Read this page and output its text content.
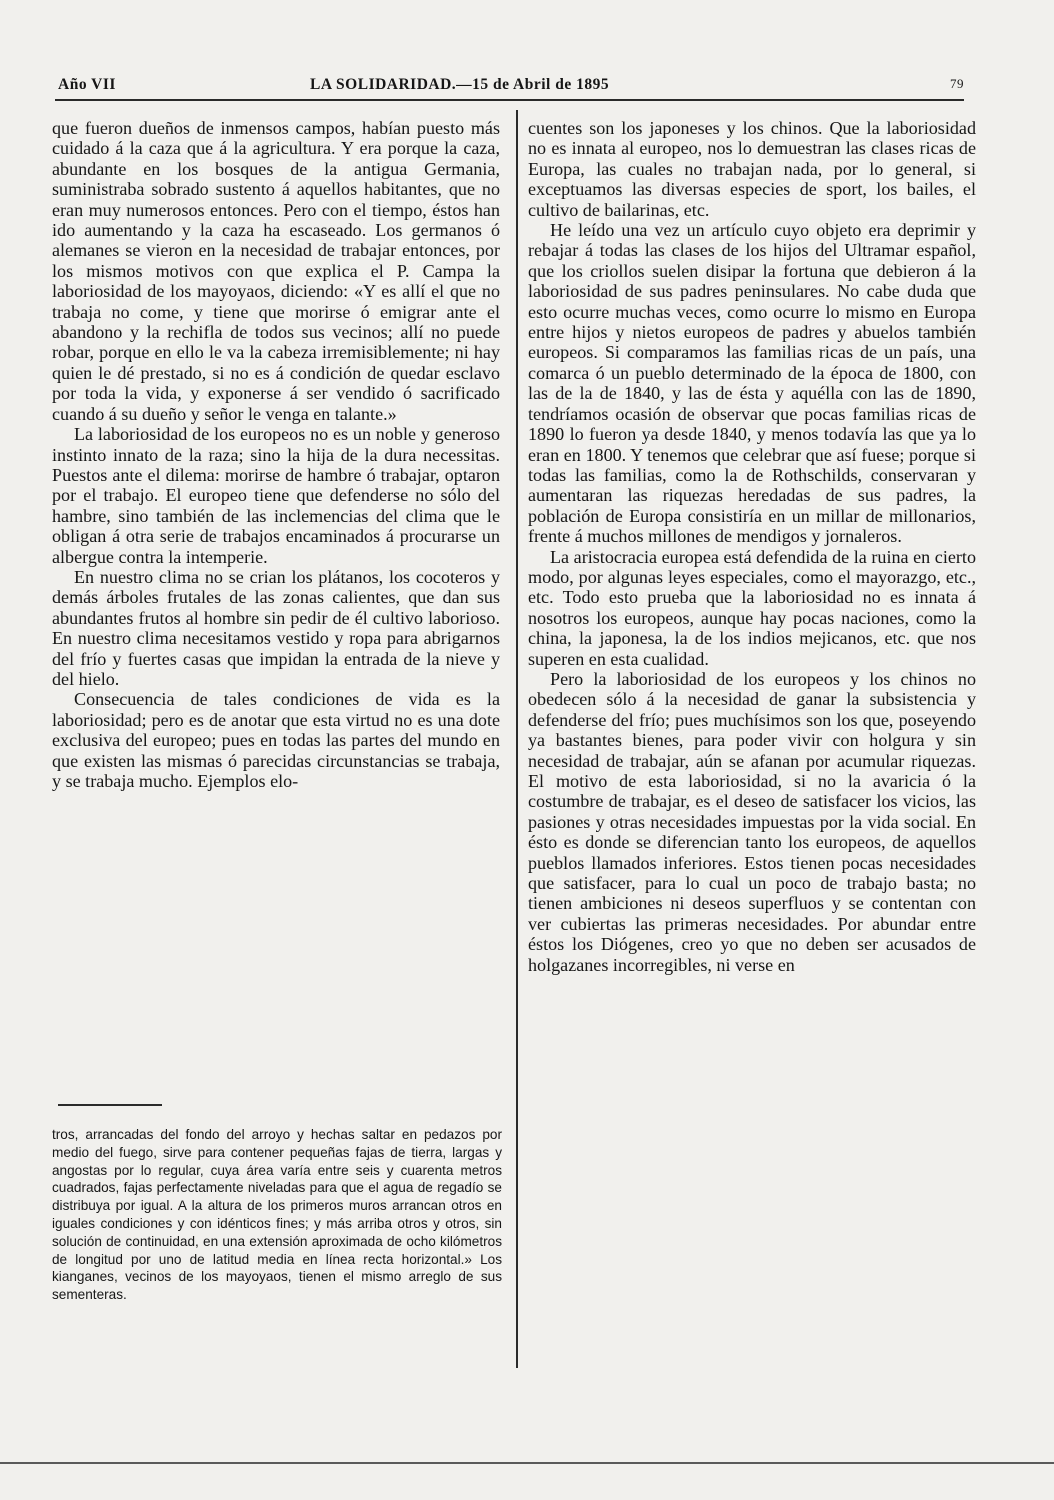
Año VII	LA SOLIDARIDAD.—15 de Abril de 1895	79

que fueron dueños de inmensos campos, habían puesto más cuidado á la caza que á la agricultura. Y era porque la caza, abundante en los bosques de la antigua Germania, suministraba sobrado sustento á aquellos habitantes, que no eran muy numerosos entonces. Pero con el tiempo, éstos han ido aumentando y la caza ha escaseado. Los germanos ó alemanes se vieron en la necesidad de trabajar entonces, por los mismos motivos con que explica el P. Campa la laboriosidad de los mayoyaos, diciendo: «Y es allí el que no trabaja no come, y tiene que morirse ó emigrar ante el abandono y la rechifla de todos sus vecinos; allí no puede robar, porque en ello le va la cabeza irremisiblemente; ni hay quien le dé prestado, si no es á condición de quedar esclavo por toda la vida, y exponerse á ser vendido ó sacrificado cuando á su dueño y señor le venga en talante.»

La laboriosidad de los europeos no es un noble y generoso instinto innato de la raza; sino la hija de la dura necessitas. Puestos ante el dilema: morirse de hambre ó trabajar, optaron por el trabajo. El europeo tiene que defenderse no sólo del hambre, sino también de las inclemencias del clima que le obligan á otra serie de trabajos encaminados á procurarse un albergue contra la intemperie.

En nuestro clima no se crian los plátanos, los cocoteros y demás árboles frutales de las zonas calientes, que dan sus abundantes frutos al hombre sin pedir de él cultivo laborioso. En nuestro clima necesitamos vestido y ropa para abrigarnos del frío y fuertes casas que impidan la entrada de la nieve y del hielo.

Consecuencia de tales condiciones de vida es la laboriosidad; pero es de anotar que esta virtud no es una dote exclusiva del europeo; pues en todas las partes del mundo en que existen las mismas ó parecidas circunstancias se trabaja, y se trabaja mucho. Ejemplos elo-

tros, arrancadas del fondo del arroyo y hechas saltar en pedazos por medio del fuego, sirve para contener pequeñas fajas de tierra, largas y angostas por lo regular, cuya área varía entre seis y cuarenta metros cuadrados, fajas perfectamente niveladas para que el agua de regadío se distribuya por igual. A la altura de los primeros muros arrancan otros en iguales condiciones y con idénticos fines; y más arriba otros y otros, sin solución de continuidad, en una extensión aproximada de ocho kilómetros de longitud por uno de latitud media en línea recta horizontal.» Los kianganes, vecinos de los mayoyaos, tienen el mismo arreglo de sus sementeras.

cuentes son los japoneses y los chinos. Que la laboriosidad no es innata al europeo, nos lo demuestran las clases ricas de Europa, las cuales no trabajan nada, por lo general, si exceptuamos las diversas especies de sport, los bailes, el cultivo de bailarinas, etc.

He leído una vez un artículo cuyo objeto era deprimir y rebajar á todas las clases de los hijos del Ultramar español, que los criollos suelen disipar la fortuna que debieron á la laboriosidad de sus padres peninsulares. No cabe duda que esto ocurre muchas veces, como ocurre lo mismo en Europa entre hijos y nietos europeos de padres y abuelos también europeos. Si comparamos las familias ricas de un país, una comarca ó un pueblo determinado de la época de 1800, con las de la de 1840, y las de ésta y aquélla con las de 1890, tendríamos ocasión de observar que pocas familias ricas de 1890 lo fueron ya desde 1840, y menos todavía las que ya lo eran en 1800. Y tenemos que celebrar que así fuese; porque si todas las familias, como la de Rothschilds, conservaran y aumentaran las riquezas heredadas de sus padres, la población de Europa consistiría en un millar de millonarios, frente á muchos millones de mendigos y jornaleros.

La aristocracia europea está defendida de la ruina en cierto modo, por algunas leyes especiales, como el mayorazgo, etc., etc. Todo esto prueba que la laboriosidad no es innata á nosotros los europeos, aunque hay pocas naciones, como la china, la japonesa, la de los indios mejicanos, etc. que nos superen en esta cualidad.

Pero la laboriosidad de los europeos y los chinos no obedecen sólo á la necesidad de ganar la subsistencia y defenderse del frío; pues muchísimos son los que, poseyendo ya bastantes bienes, para poder vivir con holgura y sin necesidad de trabajar, aún se afanan por acumular riquezas. El motivo de esta laboriosidad, si no la avaricia ó la costumbre de trabajar, es el deseo de satisfacer los vicios, las pasiones y otras necesidades impuestas por la vida social. En ésto es donde se diferencian tanto los europeos, de aquellos pueblos llamados inferiores. Estos tienen pocas necesidades que satisfacer, para lo cual un poco de trabajo basta; no tienen ambiciones ni deseos superfluos y se contentan con ver cubiertas las primeras necesidades. Por abundar entre éstos los Diógenes, creo yo que no deben ser acusados de holgazanes incorregibles, ni verse en
